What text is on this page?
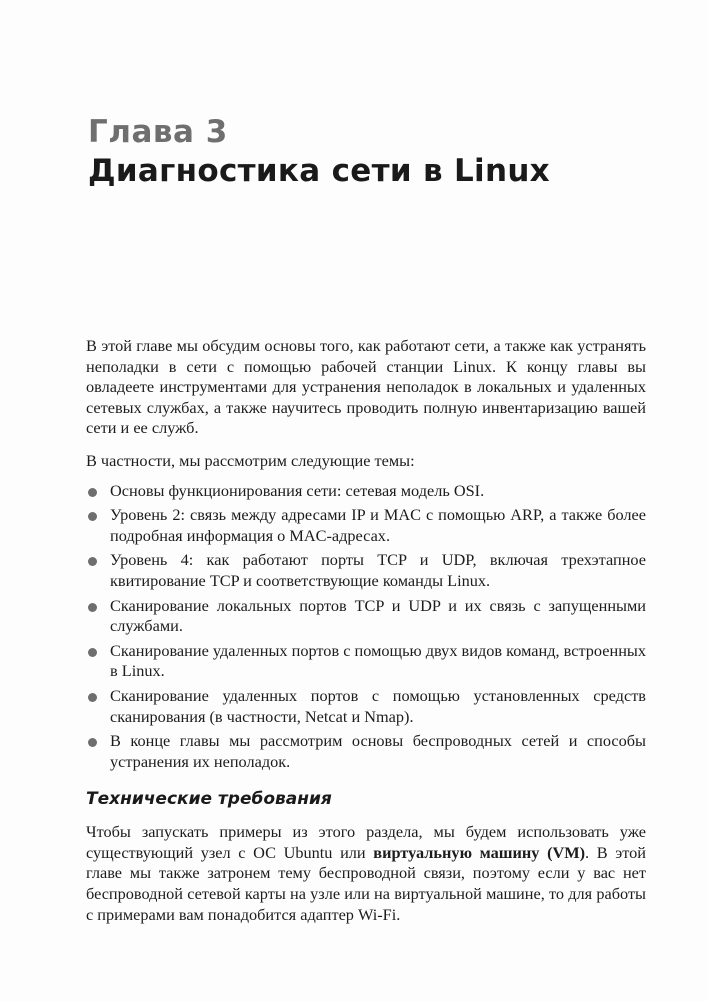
Глава 3
Диагностика сети в Linux

В этой главе мы обсудим основы того, как работают сети, а также как устранять неполадки в сети с помощью рабочей станции Linux. К концу главы вы овладеете инструментами для устранения неполадок в локальных и удаленных сетевых службах, а также научитесь проводить полную инвентаризацию вашей сети и ее служб.

В частности, мы рассмотрим следующие темы:

Основы функционирования сети: сетевая модель OSI.
Уровень 2: связь между адресами IP и MAC с помощью ARP, а также более подробная информация о MAC-адресах.
Уровень 4: как работают порты TCP и UDP, включая трехэтапное квитирование TCP и соответствующие команды Linux.
Сканирование локальных портов TCP и UDP и их связь с запущенными службами.
Сканирование удаленных портов с помощью двух видов команд, встроенных в Linux.
Сканирование удаленных портов с помощью установленных средств сканирования (в частности, Netcat и Nmap).
В конце главы мы рассмотрим основы беспроводных сетей и способы устранения их неполадок.
Технические требования

Чтобы запускать примеры из этого раздела, мы будем использовать уже существующий узел с ОС Ubuntu или виртуальную машину (VM). В этой главе мы также затронем тему беспроводной связи, поэтому если у вас нет беспроводной сетевой карты на узле или на виртуальной машине, то для работы с примерами вам понадобится адаптер Wi-Fi.
